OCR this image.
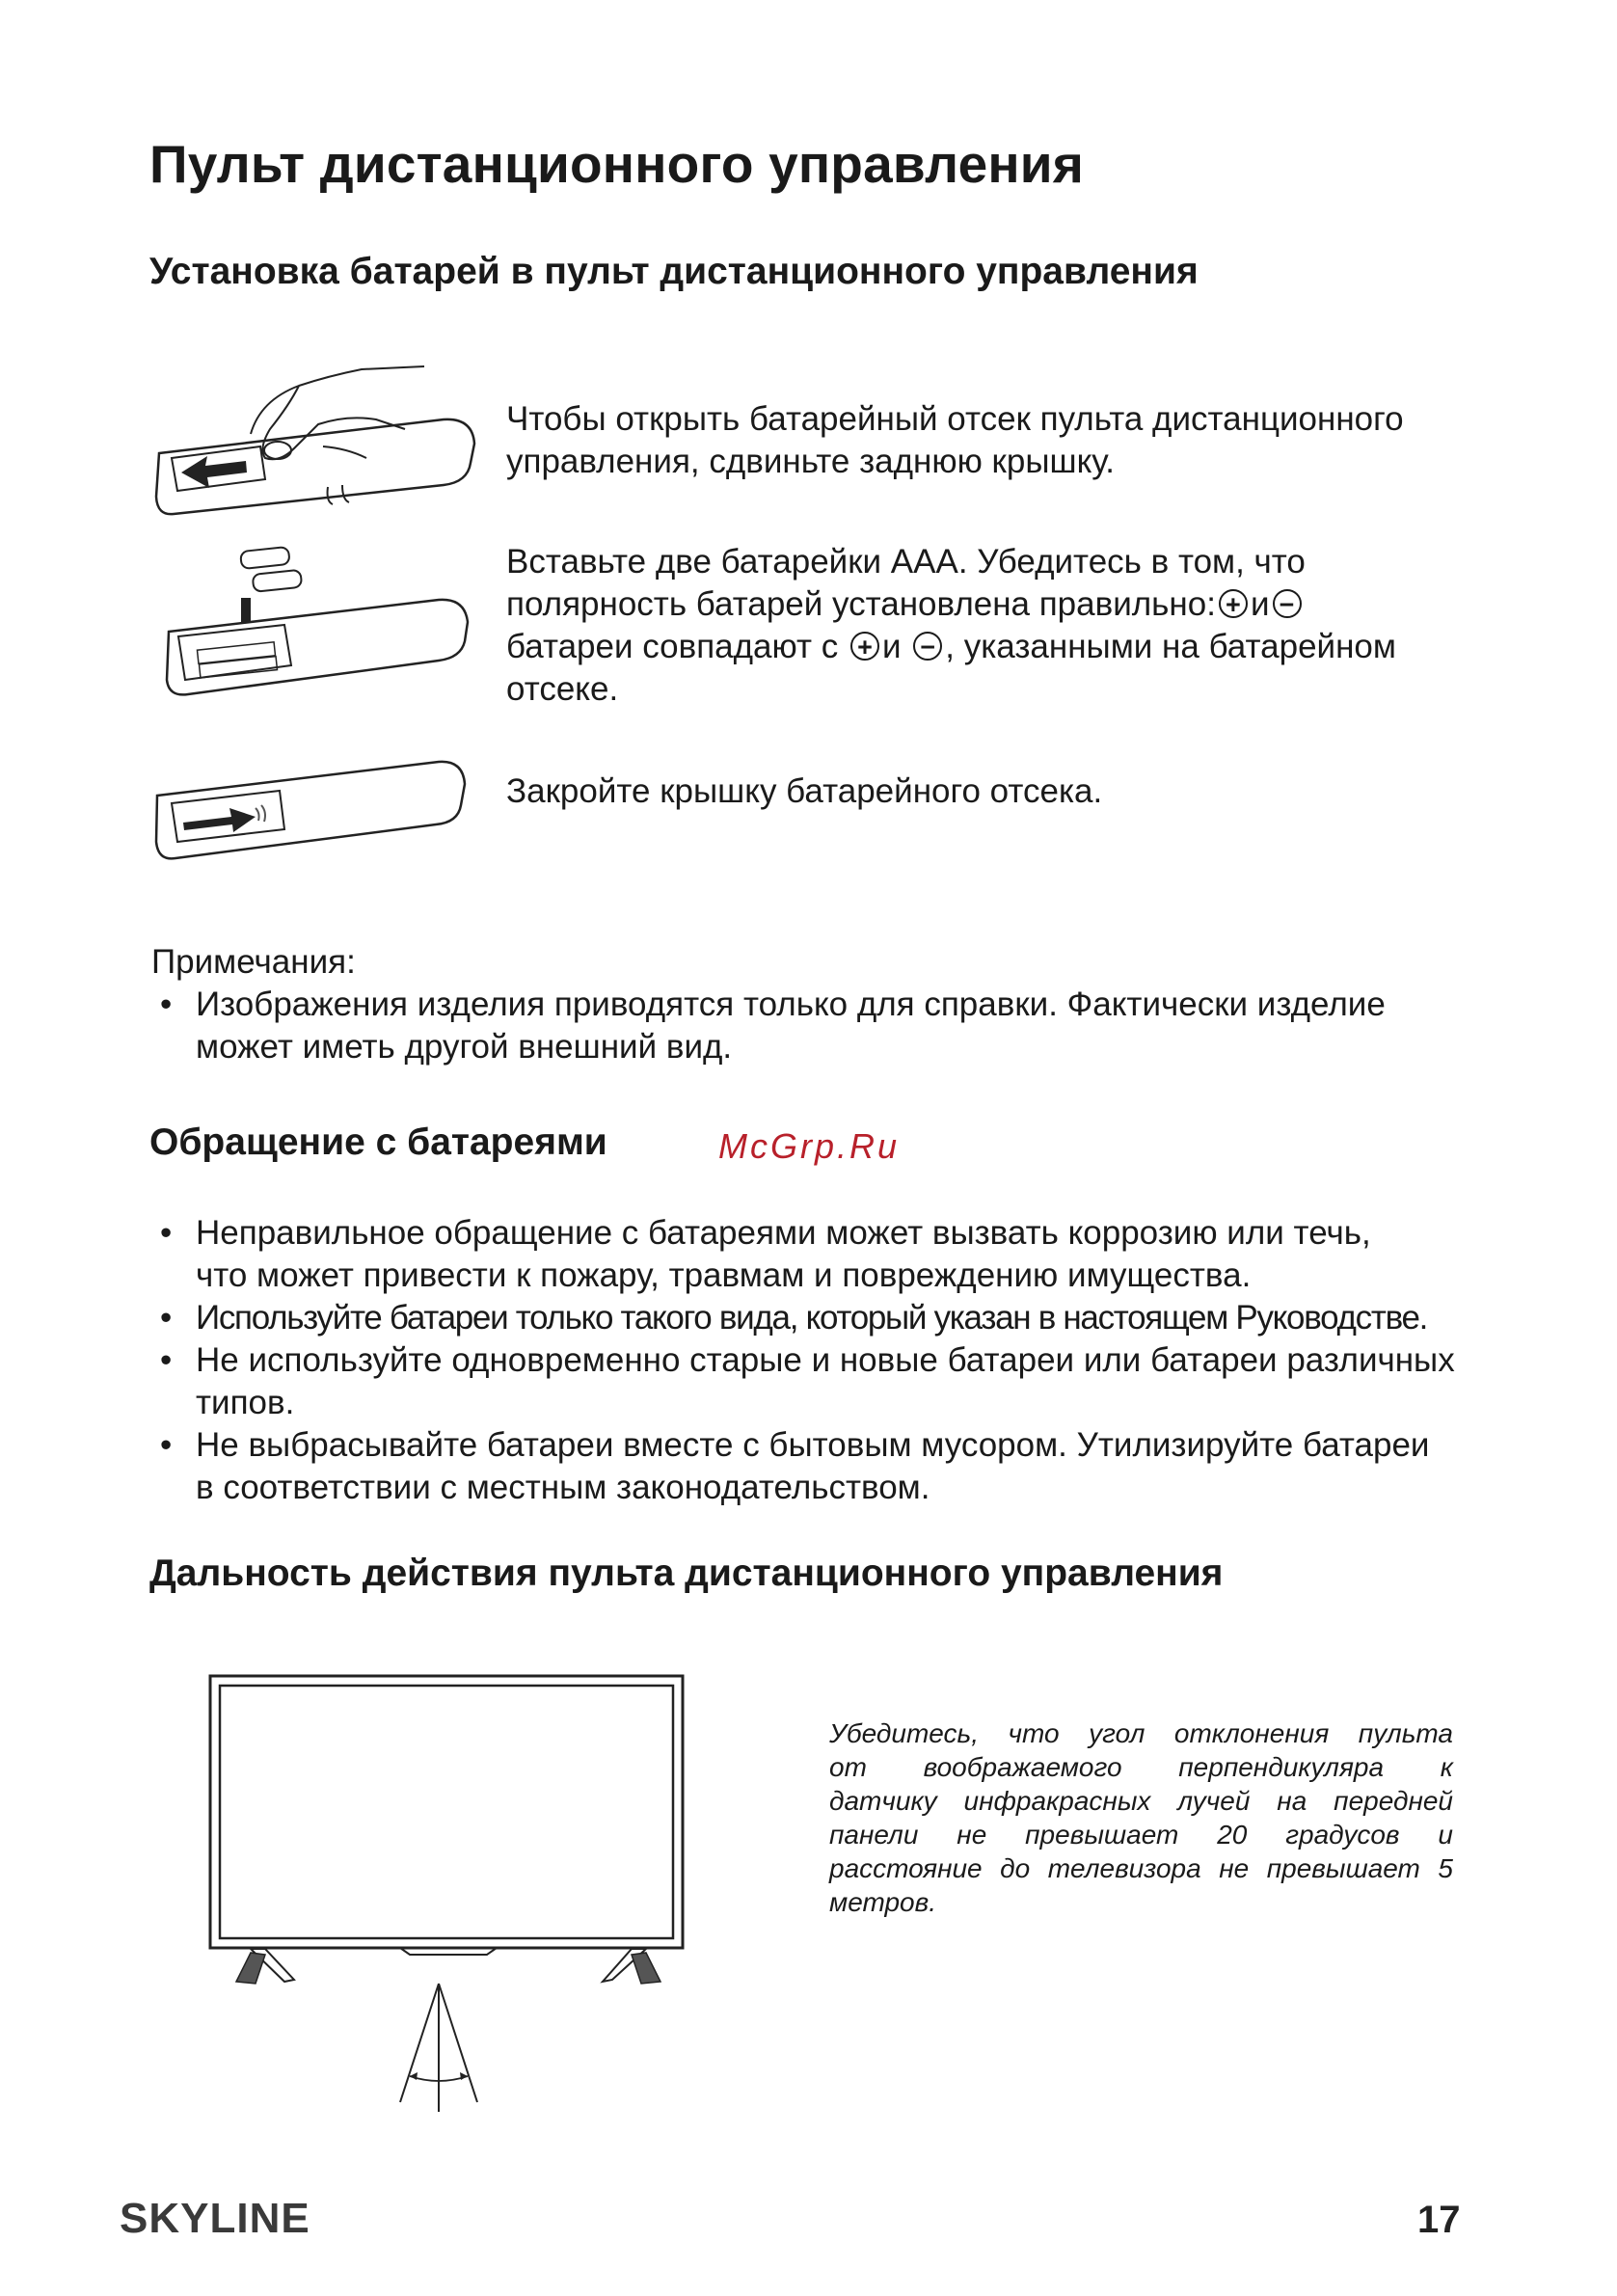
Пульт дистанционного управления
Установка батарей в пульт дистанционного управления

Чтобы открыть батарейный отсек пульта дистанционного
управления, сдвиньте заднюю крышку.

Вставьте две батарейки ААА. Убедитесь в том, что
полярность батарей установлена правильно: + и −
батареи совпадают с + и − , указанными на батарейном
отсеке.

Закройте крышку батарейного отсека.

Примечания:

• Изображения изделия приводятся только для справки. Фактически изделие
может иметь другой внешний вид.
Обращение с батареями	McGrp.Ru
• Неправильное обращение с батареями может вызвать коррозию или течь,
что может привести к пожару, травмам и повреждению имущества.
• Используйте батареи только такого вида, который указан в настоящем Руководстве.
• Не используйте одновременно старые и новые батареи или батареи различных
типов.
• Не выбрасывайте батареи вместе с бытовым мусором. Утилизируйте батареи
в соответствии с местным законодательством.
Дальность действия пульта дистанционного управления
Убедитесь, что угол отклонения пульта
от воображаемого перпендикуляра к
датчику инфракрасных лучей на передней
панели не превышает 20 градусов и
расстояние до телевизора не превышает 5
метров.
SKYLINE	17
